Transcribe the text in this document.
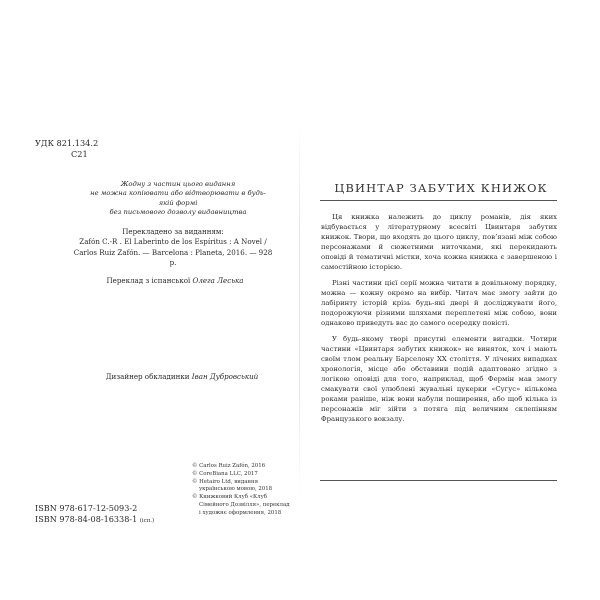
УДК 821.134.2
С21
Жодну з частин цього видання
не можна копіювати або відтворювати в будь-якій формі
без письмового дозволу видавництва
Перекладено за виданням:
Zafón C.-R . El Laberinto de los Espíritus : A Novel /
Carlos Ruiz Zafón. — Barcelona : Planeta, 2016. — 928 p.
Переклад з іспанської Олега Леська
Дизайнер обкладинки Іван Дубровський
© Carlos Ruiz Zafón, 2016
© CoreBiana LLC, 2017
© Hetairo Ltd, видання українською мовою, 2018
© Книжковий Клуб «Клуб Сімейного Дозвілля», переклад і художнє оформлення, 2018
ISBN 978-617-12-5093-2
ISBN 978-84-08-16338-1 (ісп.)
ЦВИНТАР ЗАБУТИХ КНИЖОК

Ця книжка належить до циклу романів, дія яких відбувається у літературному всесвіті Цвинтаря забутих книжок. Твори, що входять до цього циклу, пов’язані між собою персонажами й сюжетними ниточками, які перекидають оповіді й тематичні містки, хоча кожна книжка є завершеною і самостійною історією.

Різні частини цієї серії можна читати в довільному порядку, можна — кожну окремо на вибір. Читач має змогу зайти до лабіринту історій крізь будь-які двері й досліджувати його, подорожуючи різними шляхами переплетені між собою, вони однаково приведуть вас до самого осередку повісті.

У будь-якому творі присутні елементи вигадки. Чотири частини «Цвинтаря забутих книжок» не виняток, хоч і мають своїм тлом реальну Барселону ХХ століття. У лічених випадках хронологія, місце або обставини подій адаптовано згідно з логікою оповіді для того, наприклад, щоб Фермін мав змогу смакувати свої улюблені жувальні цукерки «Сугус» кількома роками раніше, ніж вони набули поширення, або щоб кілька із персонажів міг зійти з потяга під величним склепінням Французького вокзалу.
